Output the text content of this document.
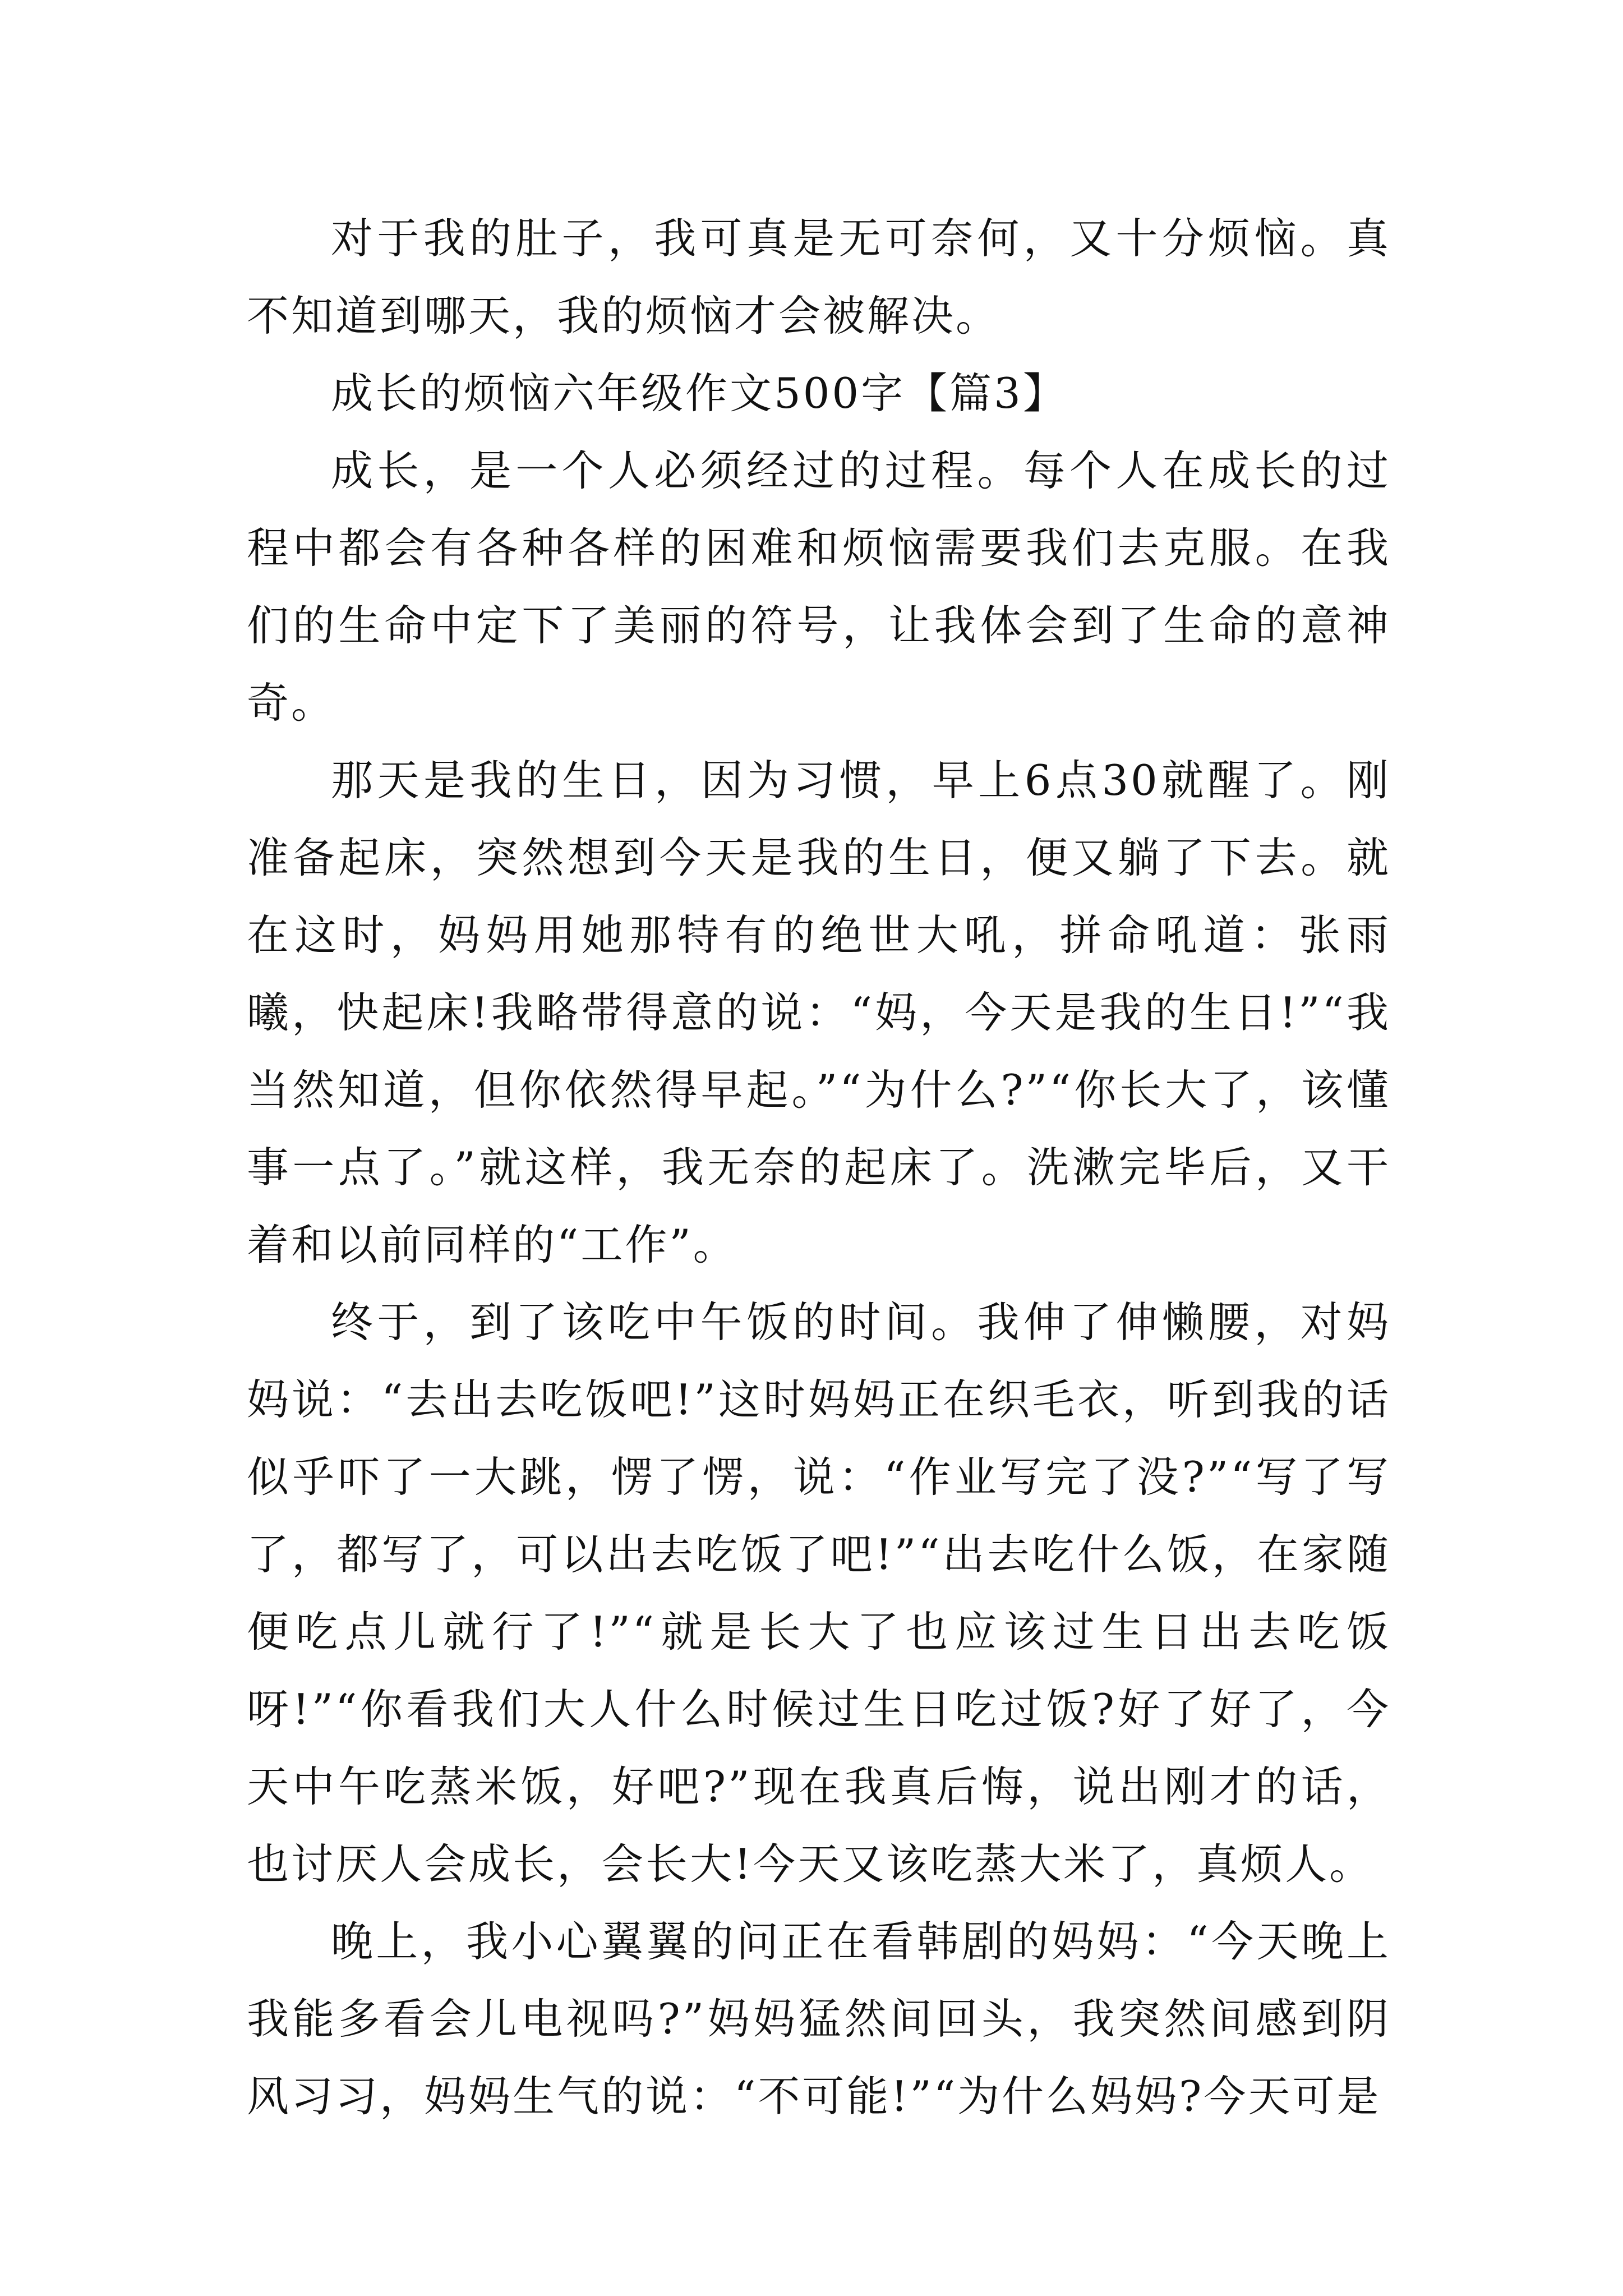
对于我的肚子，我可真是无可奈何，又十分烦恼。真不知道到哪天，我的烦恼才会被解决。

成长的烦恼六年级作文500字【篇3】

成长，是一个人必须经过的过程。每个人在成长的过程中都会有各种各样的困难和烦恼需要我们去克服。在我们的生命中定下了美丽的符号，让我体会到了生命的意神奇。

那天是我的生日，因为习惯，早上6点30就醒了。刚准备起床，突然想到今天是我的生日，便又躺了下去。就在这时，妈妈用她那特有的绝世大吼，拼命吼道：张雨曦，快起床!我略带得意的说：“妈，今天是我的生日!”“我当然知道，但你依然得早起。”“为什么?”“你长大了，该懂事一点了。”就这样，我无奈的起床了。洗漱完毕后，又干着和以前同样的“工作”。

终于，到了该吃中午饭的时间。我伸了伸懒腰，对妈妈说：“去出去吃饭吧!”这时妈妈正在织毛衣，听到我的话似乎吓了一大跳，愣了愣，说：“作业写完了没?”“写了写了，都写了，可以出去吃饭了吧!”“出去吃什么饭，在家随便吃点儿就行了!”“就是长大了也应该过生日出去吃饭呀!”“你看我们大人什么时候过生日吃过饭?好了好了，今天中午吃蒸米饭，好吧?”现在我真后悔，说出刚才的话，也讨厌人会成长，会长大!今天又该吃蒸大米了，真烦人。

晚上，我小心翼翼的问正在看韩剧的妈妈：“今天晚上我能多看会儿电视吗?”妈妈猛然间回头，我突然间感到阴风习习，妈妈生气的说：“不可能!”“为什么妈妈?今天可是
